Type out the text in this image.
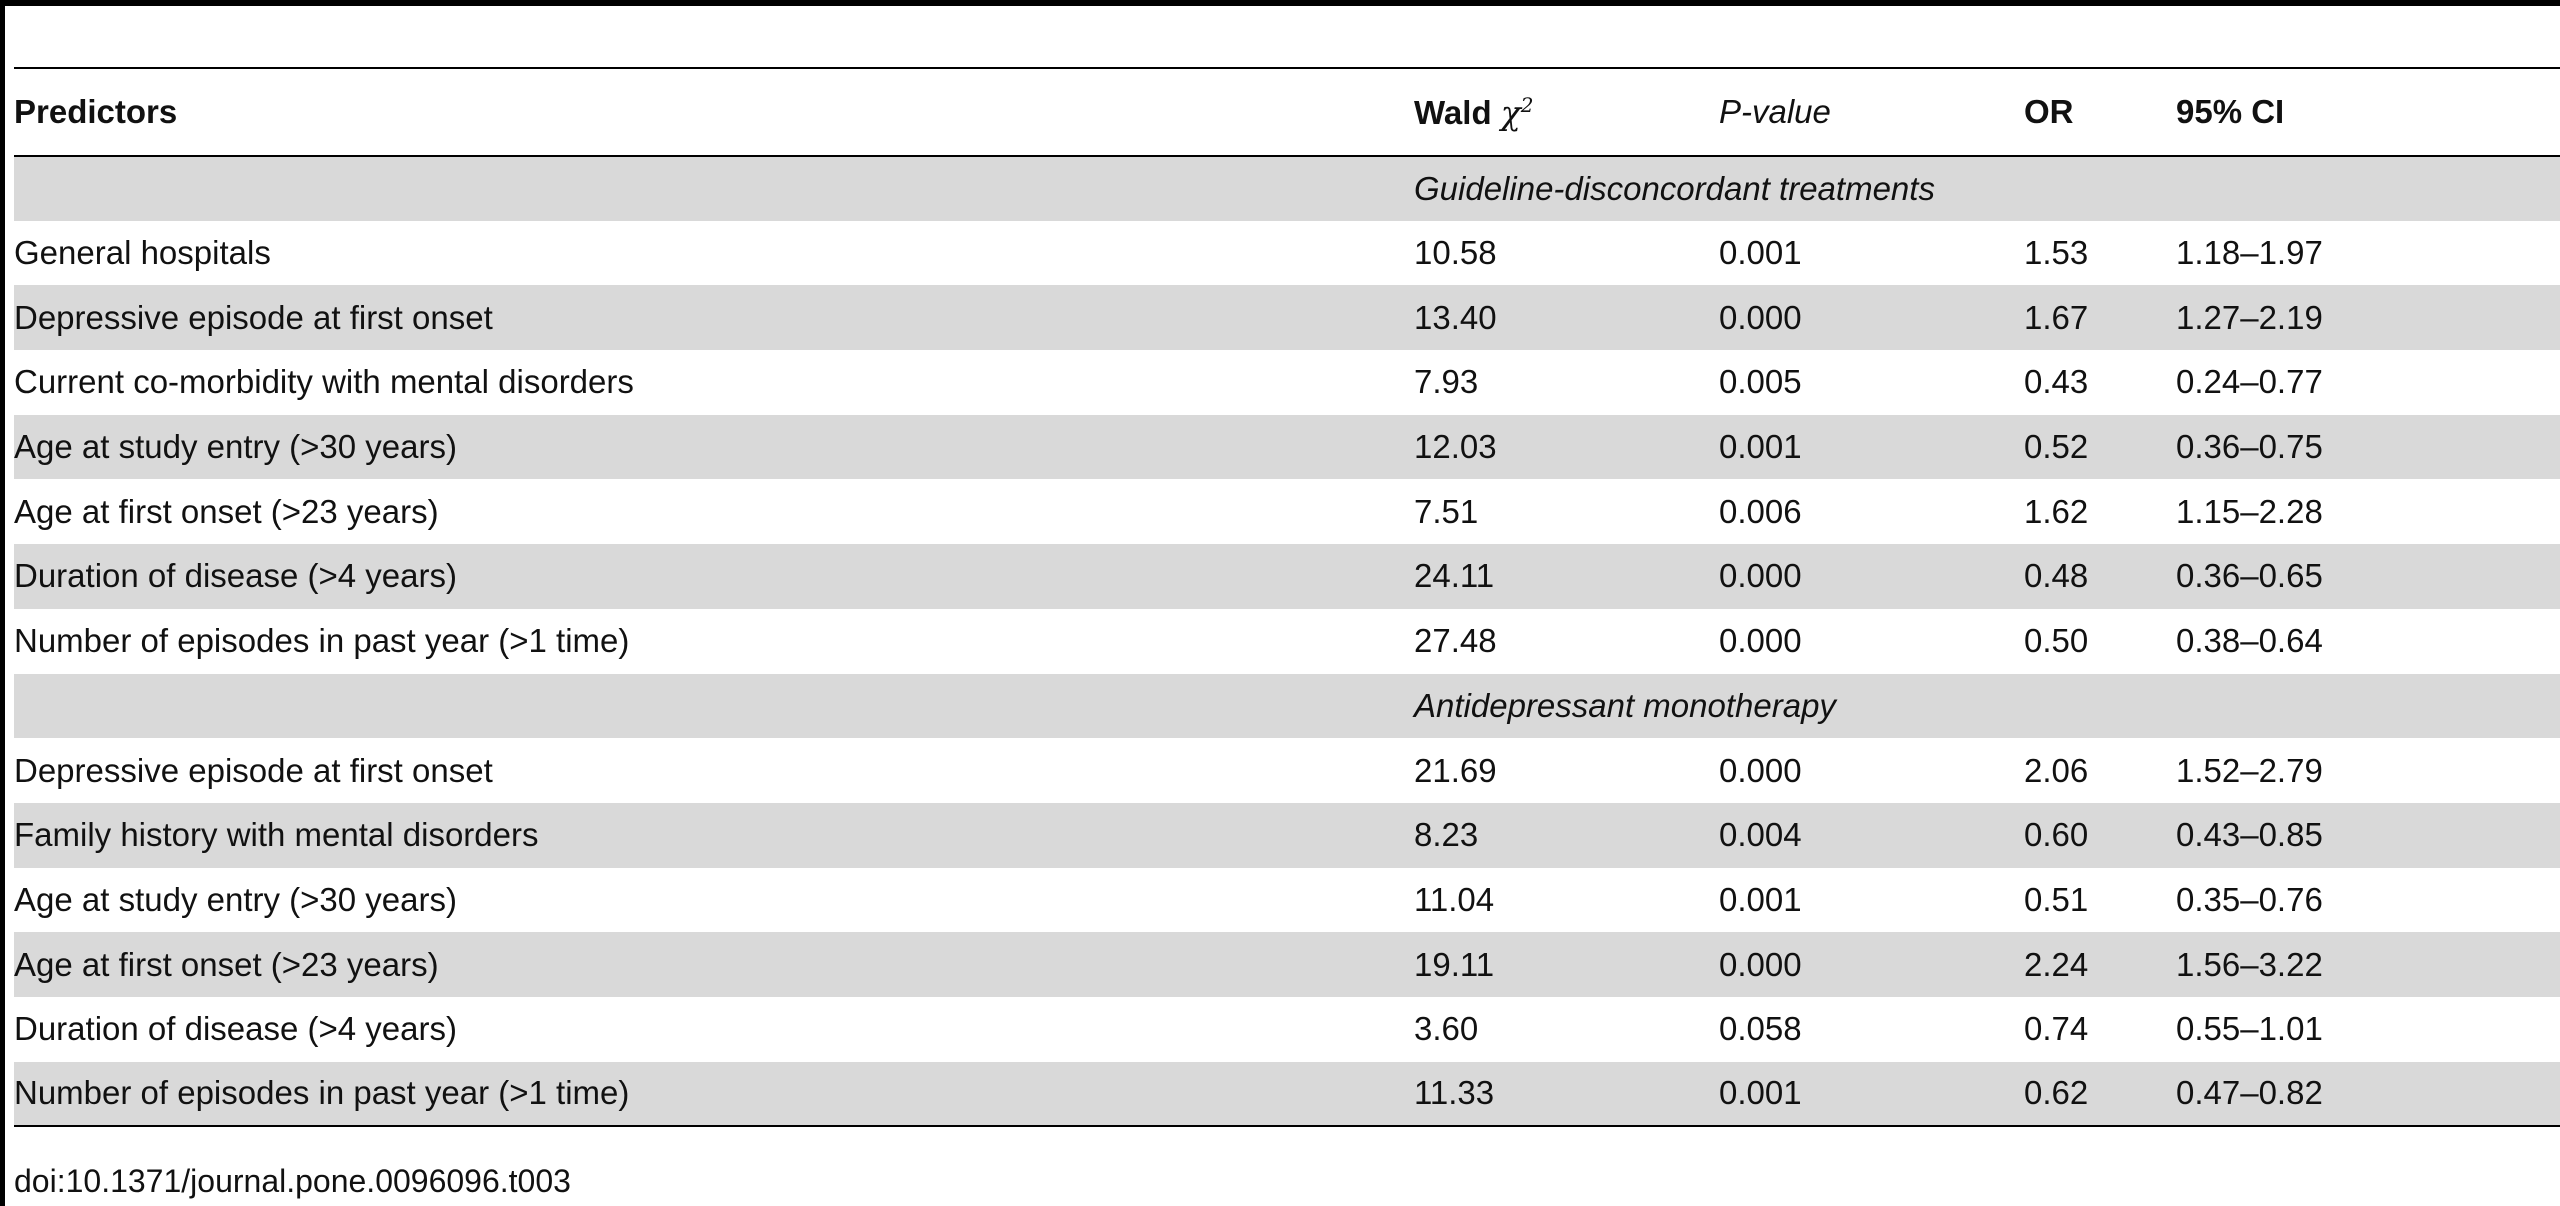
Predictors	Wald $\chi^2$	P-value	OR	95% CI
	Guideline-disconcordant treatments			
General hospitals	10.58	0.001	1.53	1.18–1.97
Depressive episode at first onset	13.40	0.000	1.67	1.27–2.19
Current co-morbidity with mental disorders	7.93	0.005	0.43	0.24–0.77
Age at study entry (>30 years)	12.03	0.001	0.52	0.36–0.75
Age at first onset (>23 years)	7.51	0.006	1.62	1.15–2.28
Duration of disease (>4 years)	24.11	0.000	0.48	0.36–0.65
Number of episodes in past year (>1 time)	27.48	0.000	0.50	0.38–0.64
	Antidepressant monotherapy			
Depressive episode at first onset	21.69	0.000	2.06	1.52–2.79
Family history with mental disorders	8.23	0.004	0.60	0.43–0.85
Age at study entry (>30 years)	11.04	0.001	0.51	0.35–0.76
Age at first onset (>23 years)	19.11	0.000	2.24	1.56–3.22
Duration of disease (>4 years)	3.60	0.058	0.74	0.55–1.01
Number of episodes in past year (>1 time)	11.33	0.001	0.62	0.47–0.82
doi:10.1371/journal.pone.0096096.t003
